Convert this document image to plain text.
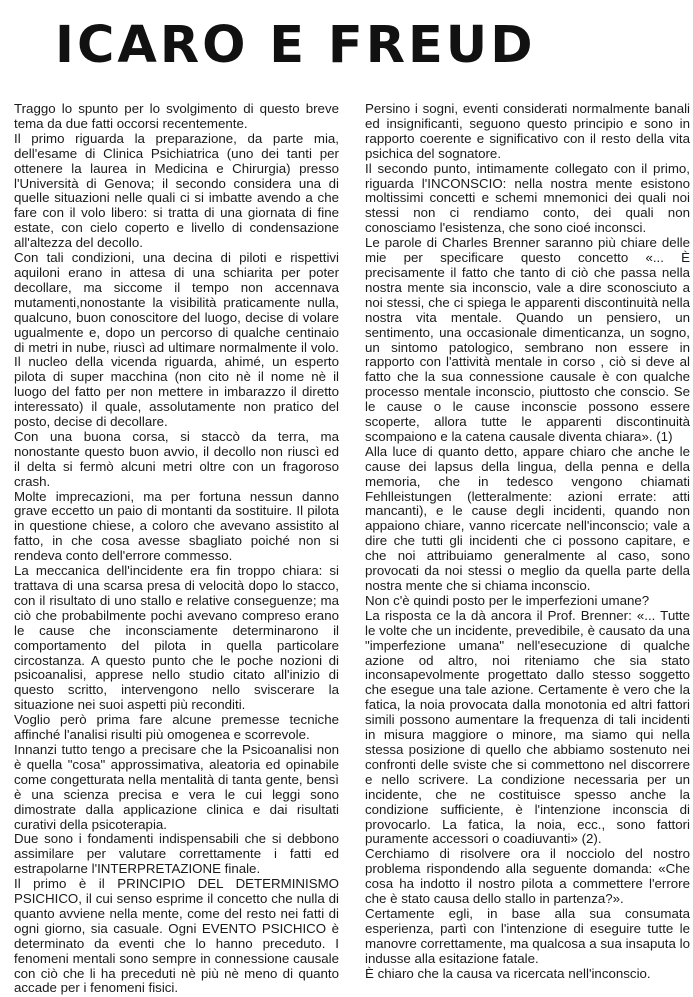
ICARO E FREUD

Traggo lo spunto per lo svolgimento di questo breve tema da due fatti occorsi recentemente.

Il primo riguarda la preparazione, da parte mia, dell'esame di Clinica Psichiatrica (uno dei tanti per ottenere la laurea in Medicina e Chirurgia) presso l'Università di Genova; il secondo considera una di quelle situazioni nelle quali ci si imbatte avendo a che fare con il volo libero: si tratta di una giornata di fine estate, con cielo coperto e livello di condensazione all'altezza del decollo.

Con tali condizioni, una decina di piloti e rispettivi aquiloni erano in attesa di una schiarita per poter decollare, ma siccome il tempo non accennava mutamenti,nonostante la visibilità praticamente nulla, qualcuno, buon conoscitore del luogo, decise di volare ugualmente e, dopo un percorso di qualche centinaio di metri in nube, riuscì ad ultimare normalmente il volo. Il nucleo della vicenda riguarda, ahimé, un esperto pilota di super macchina (non cito nè il nome nè il luogo del fatto per non mettere in imbarazzo il diretto interessato) il quale, assolutamente non pratico del posto, decise di decollare.

Con una buona corsa, si staccò da terra, ma nonostante questo buon avvio, il decollo non riuscì ed il delta si fermò alcuni metri oltre con un fragoroso crash.

Molte imprecazioni, ma per fortuna nessun danno grave eccetto un paio di montanti da sostituire. Il pilota in questione chiese, a coloro che avevano assistito al fatto, in che cosa avesse sbagliato poiché non si rendeva conto dell'errore commesso.

La meccanica dell'incidente era fin troppo chiara: si trattava di una scarsa presa di velocità dopo lo stacco, con il risultato di uno stallo e relative conseguenze; ma ciò che probabilmente pochi avevano compreso erano le cause che inconsciamente determinarono il comportamento del pilota in quella particolare circostanza. A questo punto che le poche nozioni di psicoanalisi, apprese nello studio citato all'inizio di questo scritto, intervengono nello sviscerare la situazione nei suoi aspetti più reconditi.

Voglio però prima fare alcune premesse tecniche affinché l'analisi risulti più omogenea e scorrevole.

Innanzi tutto tengo a precisare che la Psicoanalisi non è quella "cosa" approssimativa, aleatoria ed opinabile come congetturata nella mentalità di tanta gente, bensì è una scienza precisa e vera le cui leggi sono dimostrate dalla applicazione clinica e dai risultati curativi della psicoterapia.

Due sono i fondamenti indispensabili che si debbono assimilare per valutare correttamente i fatti ed estrapolarne l'INTERPRETAZIONE finale.

Il primo è il PRINCIPIO DEL DETERMINISMO PSICHICO, il cui senso esprime il concetto che nulla di quanto avviene nella mente, come del resto nei fatti di ogni giorno, sia casuale. Ogni EVENTO PSICHICO è determinato da eventi che lo hanno preceduto. I fenomeni mentali sono sempre in connessione causale con ciò che li ha preceduti nè più nè meno di quanto accade per i fenomeni fisici.

Persino i sogni, eventi considerati normalmente banali ed insignificanti, seguono questo principio e sono in rapporto coerente e significativo con il resto della vita psichica del sognatore.

Il secondo punto, intimamente collegato con il primo, riguarda l'INCONSCIO: nella nostra mente esistono moltissimi concetti e schemi mnemonici dei quali noi stessi non ci rendiamo conto, dei quali non conosciamo l'esistenza, che sono cioé inconsci.

Le parole di Charles Brenner saranno più chiare delle mie per specificare questo concetto «... È precisamente il fatto che tanto di ciò che passa nella nostra mente sia inconscio, vale a dire sconosciuto a noi stessi, che ci spiega le apparenti discontinuità nella nostra vita mentale. Quando un pensiero, un sentimento, una occasionale dimenticanza, un sogno, un sintomo patologico, sembrano non essere in rapporto con l'attività mentale in corso , ciò si deve al fatto che la sua connessione causale è con qualche processo mentale inconscio, piuttosto che conscio. Se le cause o le cause inconscie possono essere scoperte, allora tutte le apparenti discontinuità scompaiono e la catena causale diventa chiara». (1)

Alla luce di quanto detto, appare chiaro che anche le cause dei lapsus della lingua, della penna e della memoria, che in tedesco vengono chiamati Fehlleistungen (letteralmente: azioni errate: atti mancanti), e le cause degli incidenti, quando non appaiono chiare, vanno ricercate nell'inconscio; vale a dire che tutti gli incidenti che ci possono capitare, e che noi attribuiamo generalmente al caso, sono provocati da noi stessi o meglio da quella parte della nostra mente che si chiama inconscio.

Non c'è quindi posto per le imperfezioni umane?

La risposta ce la dà ancora il Prof. Brenner: «... Tutte le volte che un incidente, prevedibile, è causato da una "imperfezione umana" nell'esecuzione di qualche azione od altro, noi riteniamo che sia stato inconsapevolmente progettato dallo stesso soggetto che esegue una tale azione. Certamente è vero che la fatica, la noia provocata dalla monotonia ed altri fattori simili possono aumentare la frequenza di tali incidenti in misura maggiore o minore, ma siamo qui nella stessa posizione di quello che abbiamo sostenuto nei confronti delle sviste che si commettono nel discorrere e nello scrivere. La condizione necessaria per un incidente, che ne costituisce spesso anche la condizione sufficiente, è l'intenzione inconscia di provocarlo. La fatica, la noia, ecc., sono fattori puramente accessori o coadiuvanti» (2).

Cerchiamo di risolvere ora il nocciolo del nostro problema rispondendo alla seguente domanda: «Che cosa ha indotto il nostro pilota a commettere l'errore che è stato causa dello stallo in partenza?».

Certamente egli, in base alla sua consumata esperienza, partì con l'intenzione di eseguire tutte le manovre correttamente, ma qualcosa a sua insaputa lo indusse alla esitazione fatale.

È chiaro che la causa va ricercata nell'inconscio.
